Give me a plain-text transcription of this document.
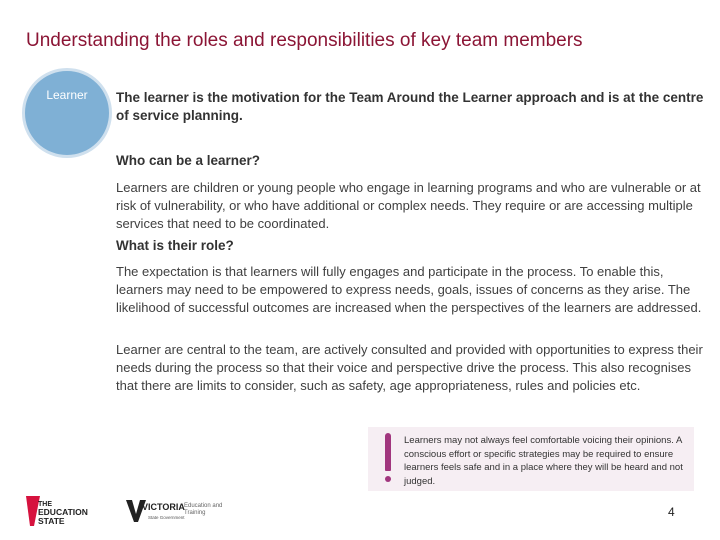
Understanding the roles and responsibilities of key team members
Learner	The learner is the motivation for the Team Around the Learner approach and is at the centre of service planning.
Who can be a learner?
Learners are children or young people who engage in learning programs and who are vulnerable or at risk of vulnerability, or who have additional or complex needs. They require or are accessing multiple services that need to be coordinated.
What is their role?
The expectation is that learners will fully engages and participate in the process. To enable this, learners may need to be empowered to express needs, goals, issues of concerns as they arise. The likelihood of successful outcomes are increased when the perspectives of the learners are addressed.
Learner are central to the team, are actively consulted and provided with opportunities to express their needs during the process so that their voice and perspective drive the process. This also recognises that there are limits to consider, such as safety, age appropriateness, rules and policies etc.
Learners may not always feel comfortable voicing their opinions. A conscious effort or specific strategies may be required to ensure learners feels safe and in a place where they will be heard and not judged.
THE
EDUCATION
STATE
VICTORIA
State Government
Education and Training	4
